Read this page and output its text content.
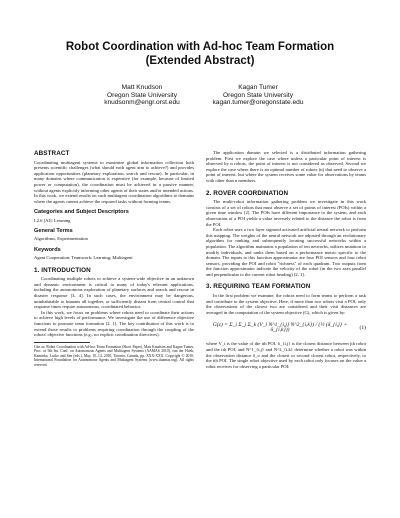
Robot Coordination with Ad-hoc Team Formation
(Extended Abstract)
Matt Knudson
Oregon State University
knudsonm@engr.orst.edu
Kagan Tumer
Oregon State University
kagan.tumer@oregonstate.edu
ABSTRACT

Coordinating multiagent systems to maximize global information collection both presents scientific challenges (what should each agent aim to achieve?) and provides application opportunities (planetary exploration, search and rescue). In particular, in many domains where communication is expensive (for example, because of limited power or computation), the coordination must be achieved in a passive manner, without agents explicitly informing other agents of their states and/or intended actions. In this work, we extend results on such multiagent coordination algorithms to domains where the agents cannot achieve the required tasks without forming teams.

Categories and Subject Descriptors

I.2.6 [AI]: Learning

General Terms

Algorithms, Experimentation

Keywords

Agent Cooperation; Teamwork; Learning; Multiagent

1. INTRODUCTION

Coordinating multiple robots to achieve a system-wide objective in an unknown and dynamic environment is critical to many of today's relevant applications, including the autonomous exploration of planetary surfaces and search and rescue in disaster response [3, 4]. In such cases, the environment may be dangerous, uninhabitable to humans all together, or sufficiently distant from central control that response times require autonomous, coordinated behavior.

In this work, we focus on problems where robots need to coordinate their actions to achieve high levels of performance. We investigate the use of difference objective functions to promote team formation [2, 1]. The key contribution of this work is to extend those results to problems requiring coordination through the coupling of the robots' objective functions (e.g., no explicit coordination directives).

Cite as: Robot Coordination with Ad-hoc Team Formation (Short Paper), Matt Knudson and Kagan Tumer, Proc. of 9th Int. Conf. on Autonomous Agents and Multiagent Systems (AAMAS 2010), van der Hoek, Kaminka, Lucke and Sen (eds.), May, 10–14, 2010, Toronto, Canada, pp. XXX-XXX. Copyright © 2010, International Foundation for Autonomous Agents and Multiagent Systems (www.ifaamas.org). All rights reserved.

The application domain we selected is a distributed information gathering problem. First we explore the case where unless a particular point of interest is observed by n robots, the point of interest is not considered as observed. Second we explore the case where there is an optimal number of robots (n) that need to observe a point of interest, but where the system receives some value for observations by teams with other than n members.

2. ROVER COORDINATION

The multi-robot information gathering problem we investigate in this work consists of a set of robots that must observe a set of points of interest (POIs) within a given time window [2]. The POIs have different importance to the system, and each observation of a POI yields a value inversely related to the distance the robot is from the POI.

Each robot uses a two layer sigmoid activated artificial neural network to perform this mapping. The weights of the neural network are adjusted through an evolutionary algorithm for ranking and subsequently locating successful networks within a population. The algorithm maintains a population of ten networks, utilizes mutation to modify individuals, and ranks them based on a performance metric specific to the domain. The inputs to this function approximator are four POI sensors and four robot sensors, providing the POI and robot "richness" of each quadrant. Two outputs from the function approximator indicate the velocity of the robot (in the two axes parallel and perpendicular to the current robot heading) [2, 1].

3. REQUIRING TEAM FORMATION

In the first problem we examine, the robots need to form teams to perform a task and contribute to the system objective. Here, if more than two robots visit a POI, only the observations of the closest two are considered and their visit distances are averaged in the computation of the system objective (G), which is given by:

G(z) = Σ_i Σ_j Σ_k (V_i N^1_{i,j} N^2_{i,k}) / (½ (δ_{i,j} + δ_{i,k}))	(1)

where V_i is the value of the ith POI, δ_{i,j} is the closest distance between jth robot and the ith POI, and N^1_{i,j} and N^2_{i,k} determine whether a robot was within the observation distance δ_o and the closest or second closest robot, respectively, to the ith POI. The single robot objective used by each robot only focuses on the value a robot receives for observing a particular POI:
